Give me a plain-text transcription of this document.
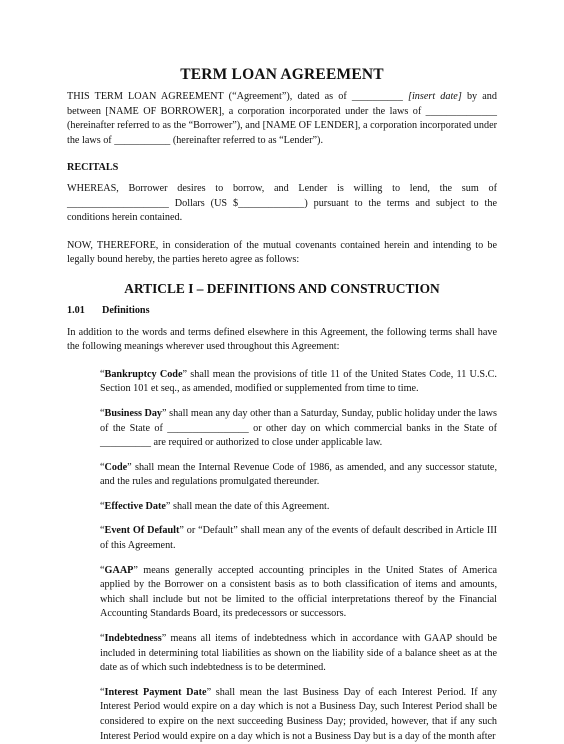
TERM LOAN AGREEMENT

THIS TERM LOAN AGREEMENT (“Agreement”), dated as of __________ [insert date] by and between [NAME OF BORROWER], a corporation incorporated under the laws of ______________ (hereinafter referred to as the “Borrower”), and [NAME OF LENDER], a corporation incorporated under the laws of ___________ (hereinafter referred to as “Lender”).

RECITALS

WHEREAS, Borrower desires to borrow, and Lender is willing to lend, the sum of ____________________ Dollars (US $_____________) pursuant to the terms and subject to the conditions herein contained.

NOW, THEREFORE, in consideration of the mutual covenants contained herein and intending to be legally bound hereby, the parties hereto agree as follows:

ARTICLE I – DEFINITIONS AND CONSTRUCTION
1.01 Definitions

In addition to the words and terms defined elsewhere in this Agreement, the following terms shall have the following meanings wherever used throughout this Agreement:

“Bankruptcy Code” shall mean the provisions of title 11 of the United States Code, 11 U.S.C. Section 101 et seq., as amended, modified or supplemented from time to time.

“Business Day” shall mean any day other than a Saturday, Sunday, public holiday under the laws of the State of ________________ or other day on which commercial banks in the State of __________ are required or authorized to close under applicable law.

“Code” shall mean the Internal Revenue Code of 1986, as amended, and any successor statute, and the rules and regulations promulgated thereunder.

“Effective Date” shall mean the date of this Agreement.

“Event Of Default” or “Default” shall mean any of the events of default described in Article III of this Agreement.

“GAAP” means generally accepted accounting principles in the United States of America applied by the Borrower on a consistent basis as to both classification of items and amounts, which shall include but not be limited to the official interpretations thereof by the Financial Accounting Standards Board, its predecessors or successors.

“Indebtedness” means all items of indebtedness which in accordance with GAAP should be included in determining total liabilities as shown on the liability side of a balance sheet as at the date as of which such indebtedness is to be determined.

“Interest Payment Date” shall mean the last Business Day of each Interest Period. If any Interest Period would expire on a day which is not a Business Day, such Interest Period shall be considered to expire on the next succeeding Business Day; provided, however, that if any such Interest Period would expire on a day which is not a Business Day but is a day of the month after
